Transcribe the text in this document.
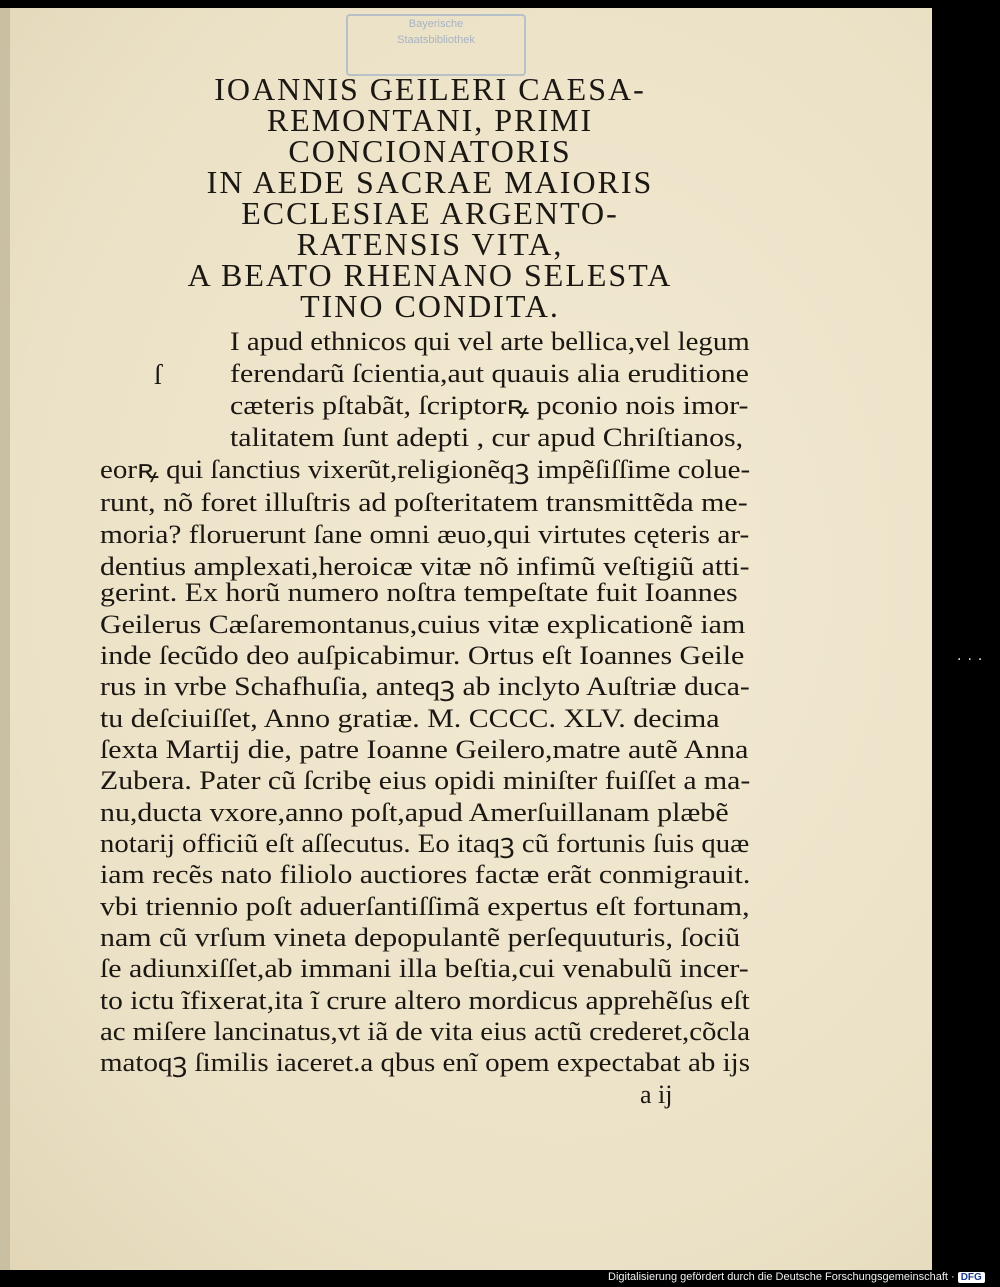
Bayerische
Staatsbibliothek
IOANNIS GEILERI CAESA-
REMONTANI, PRIMI
CONCIONATORIS
IN AEDE SACRAE MAIORIS
ECCLESIAE ARGENTO-
RATENSIS VITA,
A BEATO RHENANO SELESTA
TINO CONDITA.
ſ
I apud ethnicos qui vel arte bellica,vel legum
ferendarũ ſcientia,aut quauis alia eruditione
cæteris pſtabãt, ſcriptorꝶ pconio nois imor-
talitatem ſunt adepti , cur apud Chriſtianos,
eorꝶ qui ſanctius vixerũt,religionẽqꝫ impẽſiſſime colue-
runt, nõ foret illuſtris ad poſteritatem transmittẽda me-
moria? floruerunt ſane omni æuo,qui virtutes cęteris ar-
dentius amplexati,heroicæ vitæ nõ infimũ veſtigiũ atti-
gerint. Ex horũ numero noſtra tempeſtate fuit Ioannes
Geilerus Cæſaremontanus,cuius vitæ explicationẽ iam
inde ſecũdo deo auſpicabimur. Ortus eſt Ioannes Geile
rus in vrbe Schafhuſia, anteqꝫ ab inclyto Auſtriæ duca-
tu deſciuiſſet, Anno gratiæ. M. CCCC. XLV. decima
ſexta Martij die, patre Ioanne Geilero,matre autẽ Anna
Zubera. Pater cũ ſcribę eius opidi miniſter fuiſſet a ma-
nu,ducta vxore,anno poſt,apud Amerſuillanam plæbẽ
notarij officiũ eſt aſſecutus. Eo itaqꝫ cũ fortunis ſuis quæ
iam recẽs nato filiolo auctiores factæ erãt conmigrauit.
vbi triennio poſt aduerſantiſſimã expertus eſt fortunam,
nam cũ vrſum vineta depopulantẽ perſequuturis, ſociũ
ſe adiunxiſſet,ab immani illa beſtia,cui venabulũ incer-
to ictu ĩfixerat,ita ĩ crure altero mordicus apprehẽſus eſt
ac miſere lancinatus,vt iã de vita eius actũ crederet,cõcla
matoqꝫ ſimilis iaceret.a qbus enĩ opem expectabat ab ijs
a ij
···
Digitalisierung gefördert durch die Deutsche Forschungsgemeinschaft · DFG
